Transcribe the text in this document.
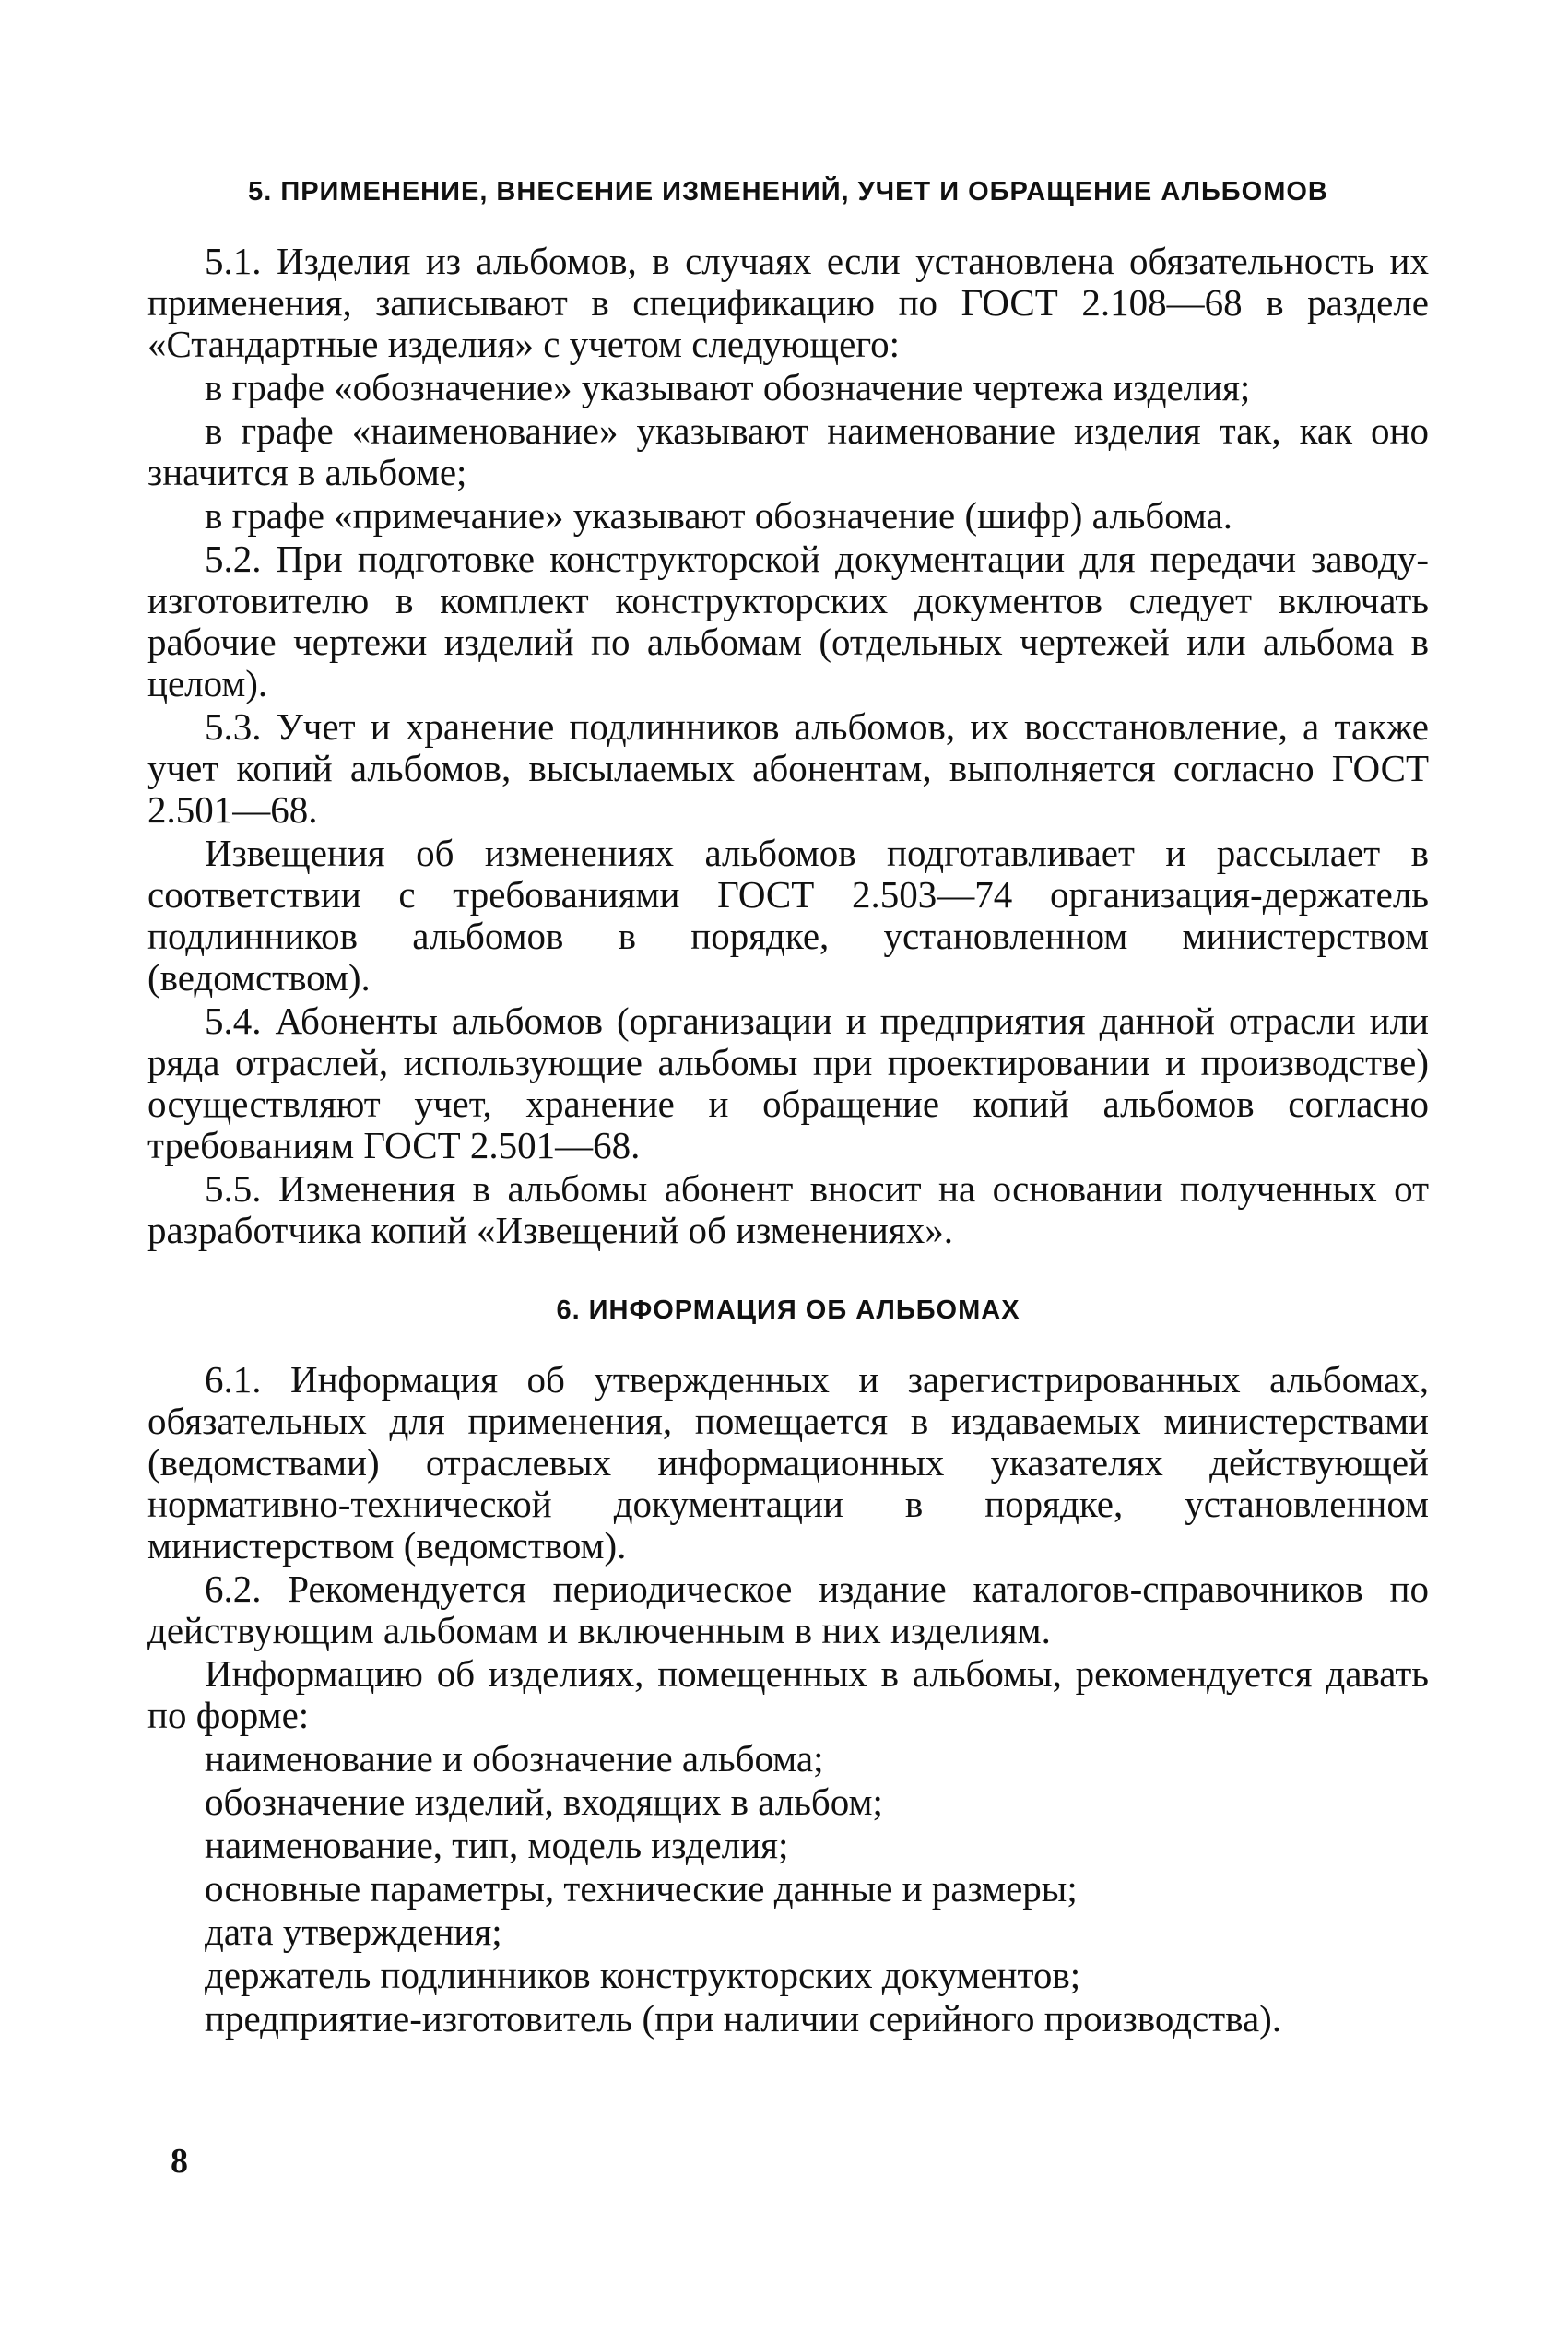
5. ПРИМЕНЕНИЕ, ВНЕСЕНИЕ ИЗМЕНЕНИЙ, УЧЕТ И ОБРАЩЕНИЕ АЛЬБОМОВ

5.1. Изделия из альбомов, в случаях если установлена обязательность их применения, записывают в спецификацию по ГОСТ 2.108—68 в разделе «Стандартные изделия» с учетом следующего:

в графе «обозначение» указывают обозначение чертежа изделия;

в графе «наименование» указывают наименование изделия так, как оно значится в альбоме;

в графе «примечание» указывают обозначение (шифр) альбома.

5.2. При подготовке конструкторской документации для передачи заводу-изготовителю в комплект конструкторских документов следует включать рабочие чертежи изделий по альбомам (отдельных чертежей или альбома в целом).

5.3. Учет и хранение подлинников альбомов, их восстановление, а также учет копий альбомов, высылаемых абонентам, выполняется согласно ГОСТ 2.501—68.

Извещения об изменениях альбомов подготавливает и рассылает в соответствии с требованиями ГОСТ 2.503—74 организация-держатель подлинников альбомов в порядке, установленном министерством (ведомством).

5.4. Абоненты альбомов (организации и предприятия данной отрасли или ряда отраслей, использующие альбомы при проектировании и производстве) осуществляют учет, хранение и обращение копий альбомов согласно требованиям ГОСТ 2.501—68.

5.5. Изменения в альбомы абонент вносит на основании полученных от разработчика копий «Извещений об изменениях».

6. ИНФОРМАЦИЯ ОБ АЛЬБОМАХ

6.1. Информация об утвержденных и зарегистрированных альбомах, обязательных для применения, помещается в издаваемых министерствами (ведомствами) отраслевых информационных указателях действующей нормативно-технической документации в порядке, установленном министерством (ведомством).

6.2. Рекомендуется периодическое издание каталогов-справочников по действующим альбомам и включенным в них изделиям.

Информацию об изделиях, помещенных в альбомы, рекомендуется давать по форме:

наименование и обозначение альбома;
обозначение изделий, входящих в альбом;
наименование, тип, модель изделия;
основные параметры, технические данные и размеры;
дата утверждения;
держатель подлинников конструкторских документов;
предприятие-изготовитель (при наличии серийного производства).
8
